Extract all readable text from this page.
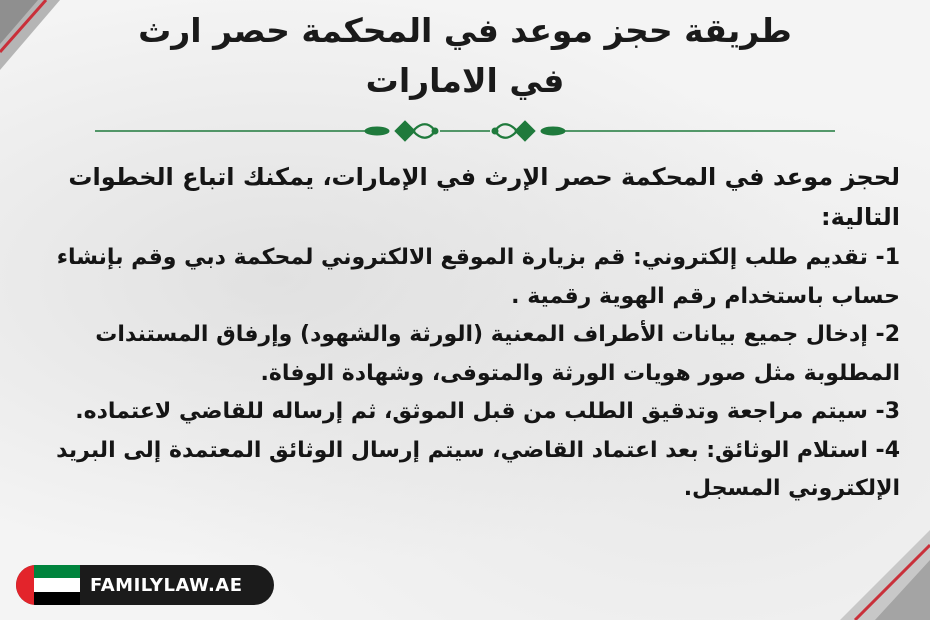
طريقة حجز موعد في المحكمة حصر ارث
في الامارات

لحجز موعد في المحكمة حصر الإرث في الإمارات، يمكنك اتباع الخطوات التالية:

1- تقديم طلب إلكتروني: قم بزيارة الموقع الالكتروني لمحكمة دبي وقم بإنشاء حساب باستخدام رقم الهوية رقمية .

2- إدخال جميع بيانات الأطراف المعنية (الورثة والشهود) وإرفاق المستندات المطلوبة مثل صور هويات الورثة والمتوفى، وشهادة الوفاة.

3- سيتم مراجعة وتدقيق الطلب من قبل الموثق، ثم إرساله للقاضي لاعتماده.

4- استلام الوثائق: بعد اعتماد القاضي، سيتم إرسال الوثائق المعتمدة إلى البريد الإلكتروني المسجل.

FAMILYLAW.AE
